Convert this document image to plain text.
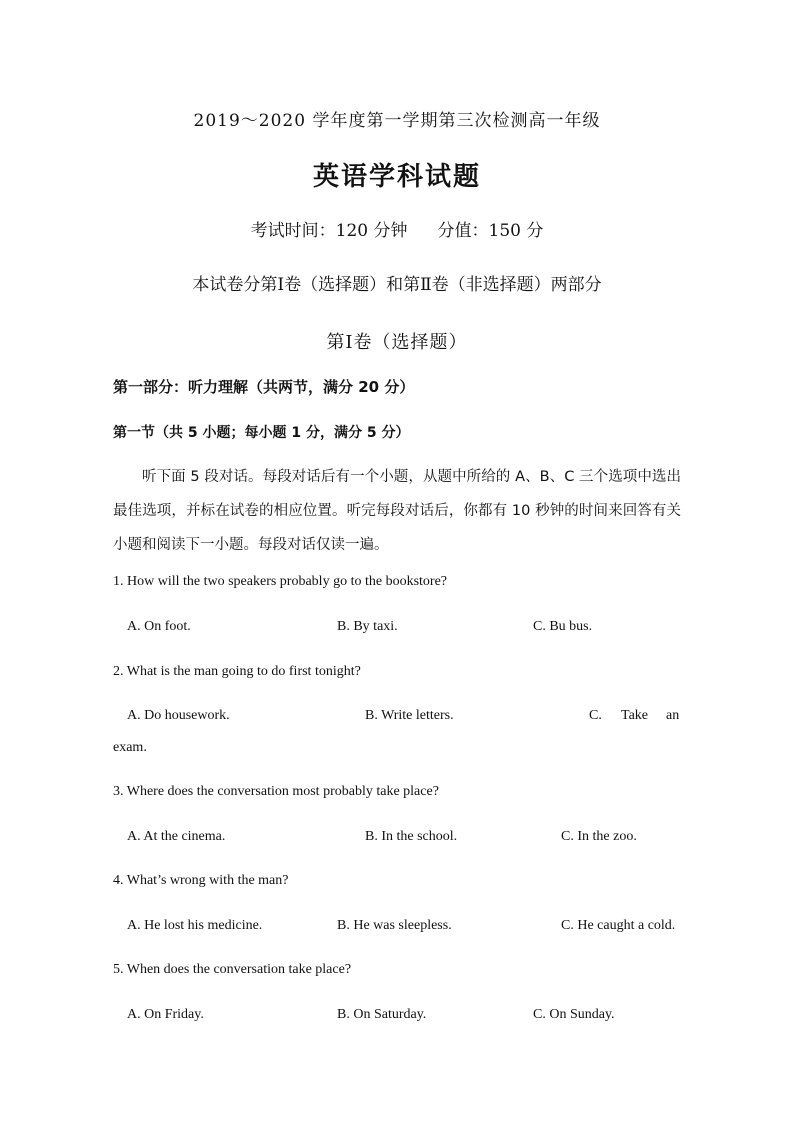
2019～2020 学年度第一学期第三次检测高一年级
英语学科试题
考试时间：120 分钟 分值：150 分
本试卷分第Ⅰ卷（选择题）和第Ⅱ卷（非选择题）两部分
第Ⅰ卷（选择题）
第一部分：听力理解（共两节，满分 20 分）
第一节（共 5 小题；每小题 1 分，满分 5 分）

听下面 5 段对话。每段对话后有一个小题，从题中所给的 A、B、C 三个选项中选出最佳选项，并标在试卷的相应位置。听完每段对话后，你都有 10 秒钟的时间来回答有关小题和阅读下一小题。每段对话仅读一遍。

1. How will the two speakers probably go to the bookstore?
A. On foot.	B. By taxi.	C. Bu bus.
2. What is the man going to do first tonight?
A. Do housework.	B. Write letters.	C. Take an
exam.
3. Where does the conversation most probably take place?
A. At the cinema.	B. In the school.	C. In the zoo.
4. What’s wrong with the man?
A. He lost his medicine.	B. He was sleepless.	C. He caught a cold.
5. When does the conversation take place?
A. On Friday.	B. On Saturday.	C. On Sunday.
